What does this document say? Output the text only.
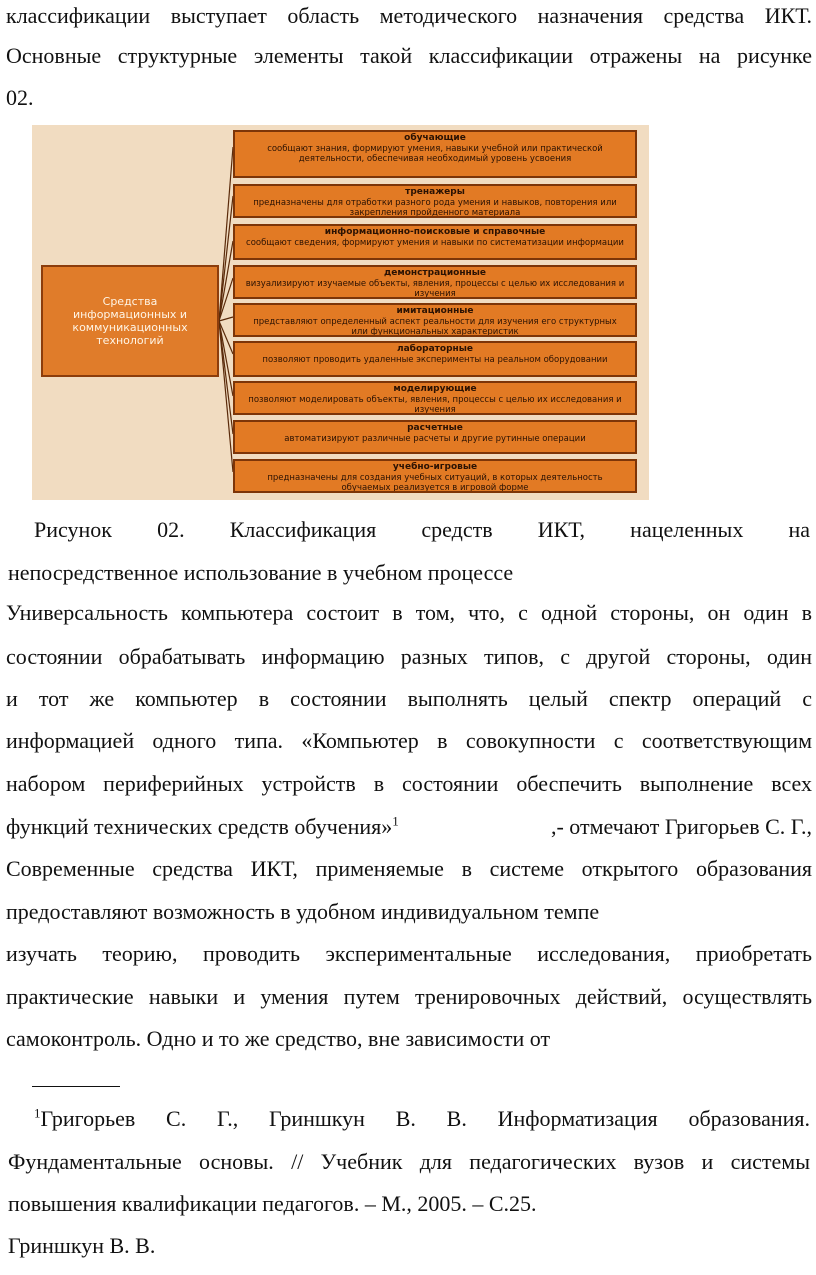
классификации выступает область методического назначения средства ИКТ.
Основные структурные элементы такой классификации отражены на рисунке
02.
Средства информационных и коммуникационных технологий
обучающие
сообщают знания, формируют умения, навыки учебной или практической деятельности, обеспечивая необходимый уровень усвоения
тренажеры
предназначены для отработки разного рода умения и навыков, повторения или закрепления пройденного материала
информационно-поисковые и справочные
сообщают сведения, формируют умения и навыки по систематизации информации
демонстрационные
визуализируют изучаемые объекты, явления, процессы с целью их исследования и изучения
имитационные
представляют определенный аспект реальности для изучения его структурных или функциональных характеристик
лабораторные
позволяют проводить удаленные эксперименты на реальном оборудовании
моделирующие
позволяют моделировать объекты, явления, процессы с целью их исследования и изучения
расчетные
автоматизируют различные расчеты и другие рутинные операции
учебно-игровые
предназначены для создания учебных ситуаций, в которых деятельность обучаемых реализуется в игровой форме
Рисунок 02. Классификация средств ИКТ, нацеленных на
непосредственное использование в учебном процессе
Универсальность компьютера состоит в том, что, с одной стороны, он один в
состоянии обрабатывать информацию разных типов, с другой стороны, один
и тот же компьютер в состоянии выполнять целый спектр операций с
информацией одного типа. «Компьютер в совокупности с соответствующим
набором периферийных устройств в состоянии обеспечить выполнение всех
функций технических средств обучения»$^1$	,- отмечают Григорьев С. Г.,
Современные средства ИКТ, применяемые в системе открытого образования
предоставляют возможность в удобном индивидуальном темпе
изучать теорию, проводить экспериментальные исследования, приобретать
практические навыки и умения путем тренировочных действий, осуществлять
самоконтроль. Одно и то же средство, вне зависимости от
$^1$Григорьев С. Г., Гриншкун В. В. Информатизация образования.
Фундаментальные основы. // Учебник для педагогических вузов и системы
повышения квалификации педагогов. – М., 2005. – С.25.
Гриншкун В. В.
